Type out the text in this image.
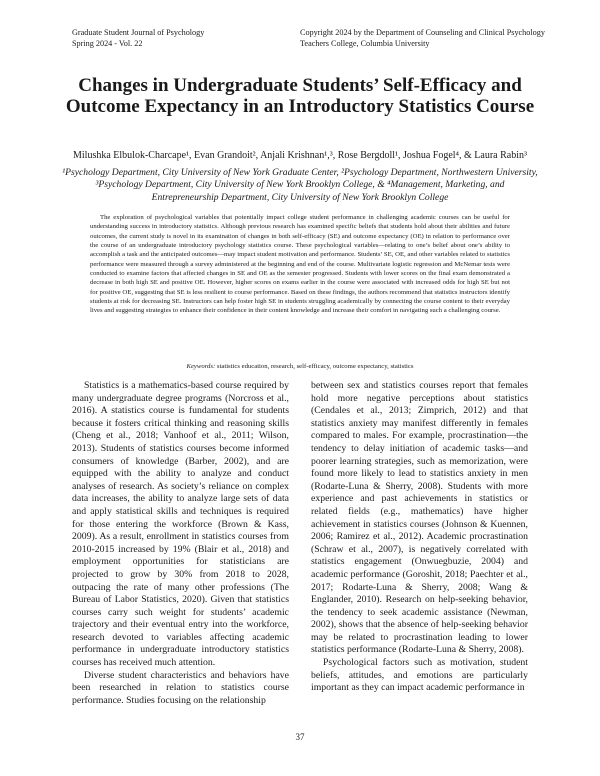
Graduate Student Journal of Psychology
Spring 2024 - Vol. 22
Copyright 2024 by the Department of Counseling and Clinical Psychology
Teachers College, Columbia University
Changes in Undergraduate Students’ Self-Efficacy and Outcome Expectancy in an Introductory Statistics Course
Milushka Elbulok-Charcape¹, Evan Grandoit², Anjali Krishnan¹,³, Rose Bergdoll¹, Joshua Fogel⁴, & Laura Rabin³
¹Psychology Department, City University of New York Graduate Center, ²Psychology Department, Northwestern University, ³Psychology Department, City University of New York Brooklyn College, & ⁴Management, Marketing, and Entrepreneurship Department, City University of New York Brooklyn College

The exploration of psychological variables that potentially impact college student performance in challenging academic courses can be useful for understanding success in introductory statistics. Although previous research has examined specific beliefs that students hold about their abilities and future outcomes, the current study is novel in its examination of changes in both self-efficacy (SE) and outcome expectancy (OE) in relation to performance over the course of an undergraduate introductory psychology statistics course. These psychological variables—relating to one’s belief about one’s ability to accomplish a task and the anticipated outcomes—may impact student motivation and performance. Students’ SE, OE, and other variables related to statistics performance were measured through a survey administered at the beginning and end of the course. Multivariate logistic regression and McNemar tests were conducted to examine factors that affected changes in SE and OE as the semester progressed. Students with lower scores on the final exam demonstrated a decrease in both high SE and positive OE. However, higher scores on exams earlier in the course were associated with increased odds for high SE but not for positive OE, suggesting that SE is less resilient to course performance. Based on these findings, the authors recommend that statistics instructors identify students at risk for decreasing SE. Instructors can help foster high SE in students struggling academically by connecting the course content to their everyday lives and suggesting strategies to enhance their confidence in their content knowledge and increase their comfort in navigating such a challenging course.

Keywords: statistics education, research, self-efficacy, outcome expectancy, statistics

Statistics is a mathematics-based course required by many undergraduate degree programs (Norcross et al., 2016). A statistics course is fundamental for students because it fosters critical thinking and reasoning skills (Cheng et al., 2018; Vanhoof et al., 2011; Wilson, 2013). Students of statistics courses become informed consumers of knowledge (Barber, 2002), and are equipped with the ability to analyze and conduct analyses of research. As society’s reliance on complex data increases, the ability to analyze large sets of data and apply statistical skills and techniques is required for those entering the workforce (Brown & Kass, 2009). As a result, enrollment in statistics courses from 2010-2015 increased by 19% (Blair et al., 2018) and employment opportunities for statisticians are projected to grow by 30% from 2018 to 2028, outpacing the rate of many other professions (The Bureau of Labor Statistics, 2020). Given that statistics courses carry such weight for students’ academic trajectory and their eventual entry into the workforce, research devoted to variables affecting academic performance in undergraduate introductory statistics courses has received much attention.

Diverse student characteristics and behaviors have been researched in relation to statistics course performance. Studies focusing on the relationship

between sex and statistics courses report that females hold more negative perceptions about statistics (Cendales et al., 2013; Zimprich, 2012) and that statistics anxiety may manifest differently in females compared to males. For example, procrastination—the tendency to delay initiation of academic tasks—and poorer learning strategies, such as memorization, were found more likely to lead to statistics anxiety in men (Rodarte-Luna & Sherry, 2008). Students with more experience and past achievements in statistics or related fields (e.g., mathematics) have higher achievement in statistics courses (Johnson & Kuennen, 2006; Ramirez et al., 2012). Academic procrastination (Schraw et al., 2007), is negatively correlated with statistics engagement (Onwuegbuzie, 2004) and academic performance (Goroshit, 2018; Paechter et al., 2017; Rodarte-Luna & Sherry, 2008; Wang & Englander, 2010). Research on help-seeking behavior, the tendency to seek academic assistance (Newman, 2002), shows that the absence of help-seeking behavior may be related to procrastination leading to lower statistics performance (Rodarte-Luna & Sherry, 2008).

Psychological factors such as motivation, student beliefs, attitudes, and emotions are particularly important as they can impact academic performance in

37
